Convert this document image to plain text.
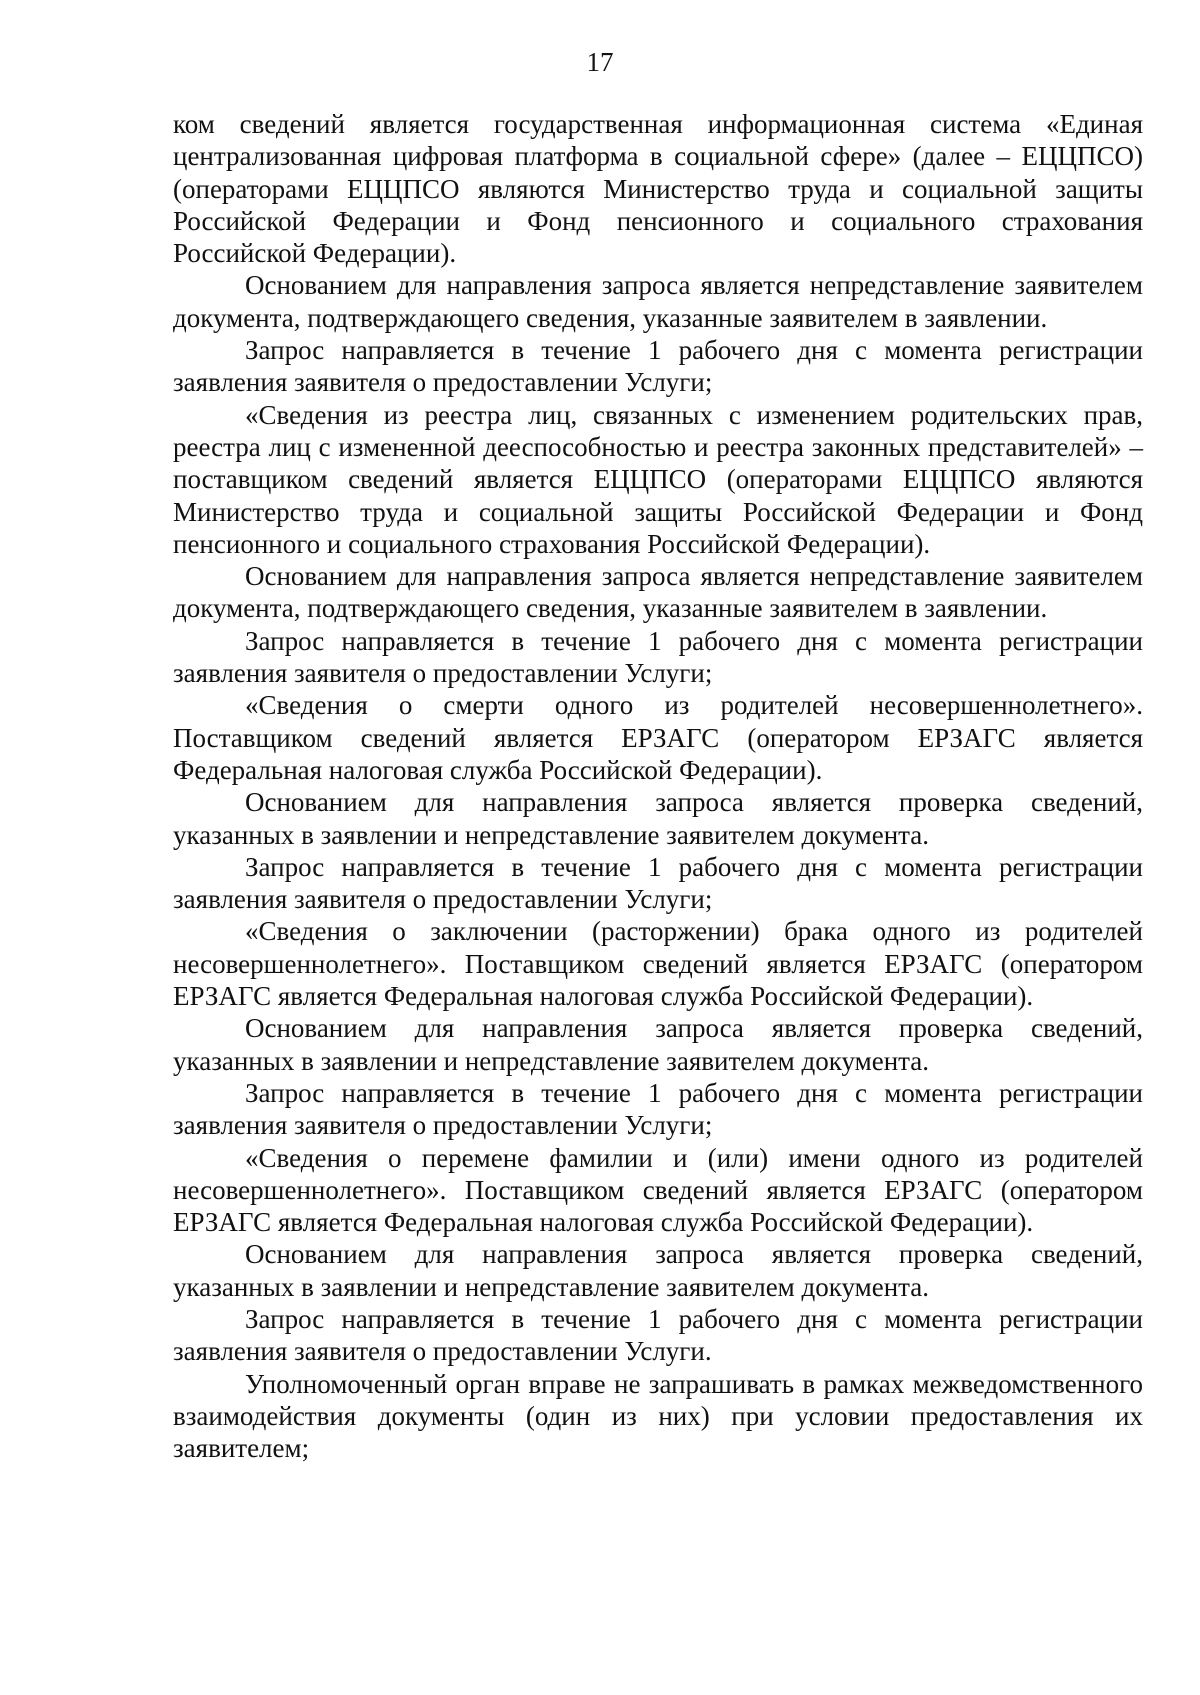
17

ком сведений является государственная информационная система «Единая централизованная цифровая платформа в социальной сфере» (далее – ЕЦЦПСО) (операторами ЕЦЦПСО являются Министерство труда и социальной защиты Российской Федерации и Фонд пенсионного и социального страхования Российской Федерации).

Основанием для направления запроса является непредставление заявителем документа, подтверждающего сведения, указанные заявителем в заявлении.

Запрос направляется в течение 1 рабочего дня с момента регистрации заявления заявителя о предоставлении Услуги;

«Сведения из реестра лиц, связанных с изменением родительских прав, реестра лиц с измененной дееспособностью и реестра законных представителей» – поставщиком сведений является ЕЦЦПСО (операторами ЕЦЦПСО являются Министерство труда и социальной защиты Российской Федерации и Фонд пенсионного и социального страхования Российской Федерации).

Основанием для направления запроса является непредставление заявителем документа, подтверждающего сведения, указанные заявителем в заявлении.

Запрос направляется в течение 1 рабочего дня с момента регистрации заявления заявителя о предоставлении Услуги;

«Сведения о смерти одного из родителей несовершеннолетнего». Поставщиком сведений является ЕРЗАГС (оператором ЕРЗАГС является Федеральная налоговая служба Российской Федерации).

Основанием для направления запроса является проверка сведений, указанных в заявлении и непредставление заявителем документа.

Запрос направляется в течение 1 рабочего дня с момента регистрации заявления заявителя о предоставлении Услуги;

«Сведения о заключении (расторжении) брака одного из родителей несовершеннолетнего». Поставщиком сведений является ЕРЗАГС (оператором ЕРЗАГС является Федеральная налоговая служба Российской Федерации).

Основанием для направления запроса является проверка сведений, указанных в заявлении и непредставление заявителем документа.

Запрос направляется в течение 1 рабочего дня с момента регистрации заявления заявителя о предоставлении Услуги;

«Сведения о перемене фамилии и (или) имени одного из родителей несовершеннолетнего». Поставщиком сведений является ЕРЗАГС (оператором ЕРЗАГС является Федеральная налоговая служба Российской Федерации).

Основанием для направления запроса является проверка сведений, указанных в заявлении и непредставление заявителем документа.

Запрос направляется в течение 1 рабочего дня с момента регистрации заявления заявителя о предоставлении Услуги.

Уполномоченный орган вправе не запрашивать в рамках межведомственного взаимодействия документы (один из них) при условии предоставления их заявителем;
